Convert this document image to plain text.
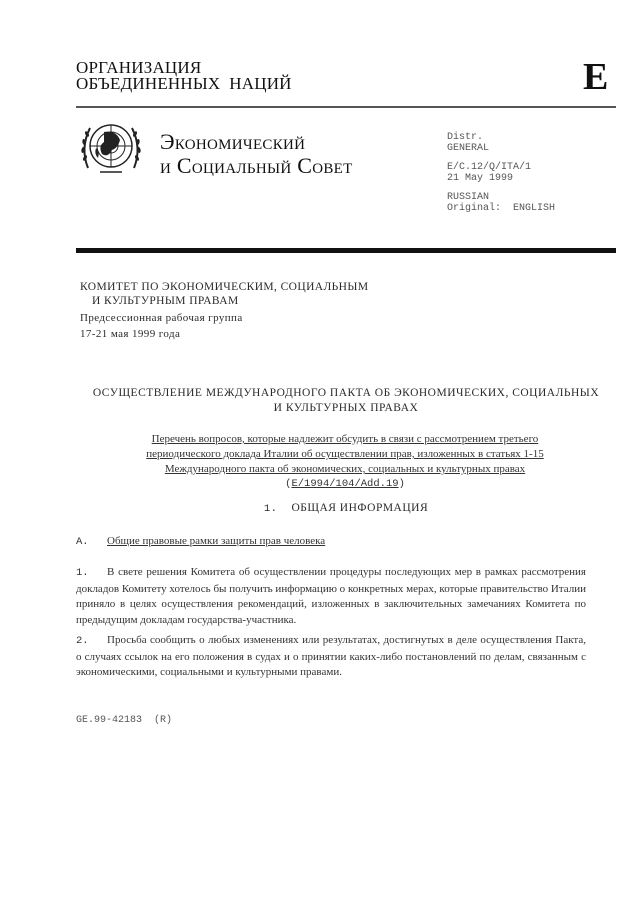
ОРГАНИЗАЦИЯ
ОБЪЕДИНЕННЫХ  НАЦИЙ	E
Экономический
и Социальный Совет
Distr.
GENERAL
E/C.12/Q/ITA/1
21 May 1999
RUSSIAN
Original:  ENGLISH
КОМИТЕТ ПО ЭКОНОМИЧЕСКИМ, СОЦИАЛЬНЫМ
И КУЛЬТУРНЫМ ПРАВАМ
Предсессионная рабочая группа
17-21 мая 1999 года
ОСУЩЕСТВЛЕНИЕ МЕЖДУНАРОДНОГО ПАКТА ОБ ЭКОНОМИЧЕСКИХ, СОЦИАЛЬНЫХ
И КУЛЬТУРНЫХ ПРАВАХ
Перечень вопросов, которые надлежит обсудить в связи с рассмотрением третьего
периодического доклада Италии об осуществлении прав, изложенных в статьях 1-15
Международного пакта об экономических, социальных и культурных правах
(E/1994/104/Add.19)
1. ОБЩАЯ ИНФОРМАЦИЯ
A. Общие правовые рамки защиты прав человека
1. В свете решения Комитета об осуществлении процедуры последующих мер в рамках рассмотрения докладов Комитету хотелось бы получить информацию о конкретных мерах, которые правительство Италии приняло в целях осуществления рекомендаций, изложенных в заключительных замечаниях Комитета по предыдущим докладам государства-участника.
2. Просьба сообщить о любых изменениях или результатах, достигнутых в деле осуществления Пакта, о случаях ссылок на его положения в судах и о принятии каких-либо постановлений по делам, связанным с экономическими, социальными и культурными правами.
GE.99-42183  (R)
